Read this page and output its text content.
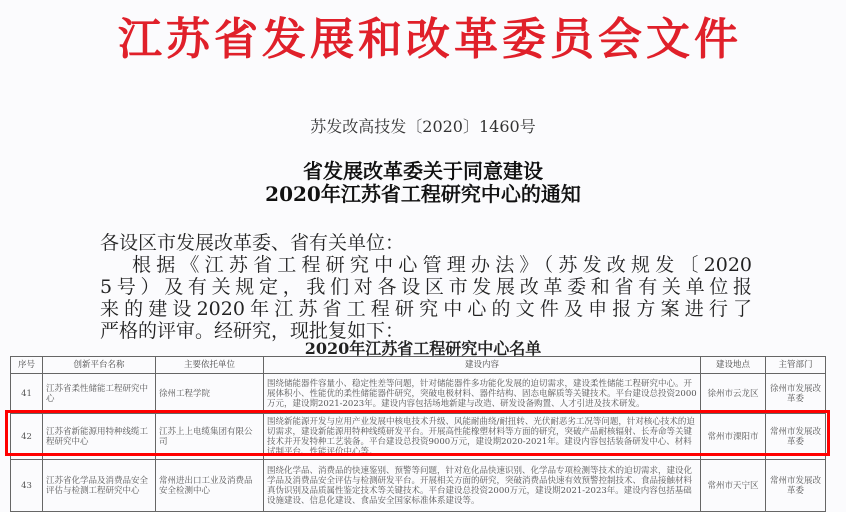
江苏省发展和改革委员会文件
苏发改高技发〔2020〕1460号
省发展改革委关于同意建设
2020年江苏省工程研究中心的通知
各设区市发展改革委、省有关单位：
根据《江苏省工程研究中心管理办法》（苏发改规发〔2020
5号）及有关规定，我们对各设区市发展改革委和省有关单位报
来的建设2020年江苏省工程研究中心的文件及申报方案进行了
严格的评审。经研究，现批复如下：
2020年江苏省工程研究中心名单
序号	创新平台名称	主要依托单位	建设内容	建设地点	主管部门
41	江苏省柔性储能工程研究中心	徐州工程学院	围绕储能器件容量小、稳定性差等问题，针对储能器件多功能化发展的迫切需求，建设柔性储能工程研究中心。开展体积小、性能优的柔性储能器件研究，突破电极材料、器件结构、固态电解质等关键技术。平台建设总投资2000万元，建设期2021-2023年。建设内容包括场地新建与改造、研发设备购置、人才引进及技术研发。	徐州市云龙区	徐州市发展改革委
42	江苏省新能源用特种线缆工程研究中心	江苏上上电缆集团有限公司	围绕新能源开发与应用产业发展中核电技术升级、风能耐曲绕/耐扭转、光伏耐恶劣工况等问题，针对核心技术的迫切需求，建设新能源用特种线缆研发平台。开展高性能橡塑材料等方面的研究，突破产品耐核辐射、长寿命等关键技术并开发特种工艺装备。平台建设总投资9000万元，建设期2020-2021年。建设内容包括装备研发中心、材料试制平台、性能评价中心等。	常州市溧阳市	常州市发展改革委
43	江苏省化学品及消费品安全评估与检测工程研究中心	常州进出口工业及消费品安全检测中心	围绕化学品、消费品的快速鉴别、预警等问题，针对危化品快速识别、化学品专项检测等技术的迫切需求，建设化学品及消费品安全评估与检测研发平台。开展相关方面的研究，突破消费品快速有效预警控制技术、食品接触材料真伪识别及品质属性鉴定技术等关键技术。平台建设总投资2000万元，建设期2021-2023年。建设内容包括基础设施建设、信息化建设、食品安全国家标准体系建设等。	常州市天宁区	常州市发展改革委
